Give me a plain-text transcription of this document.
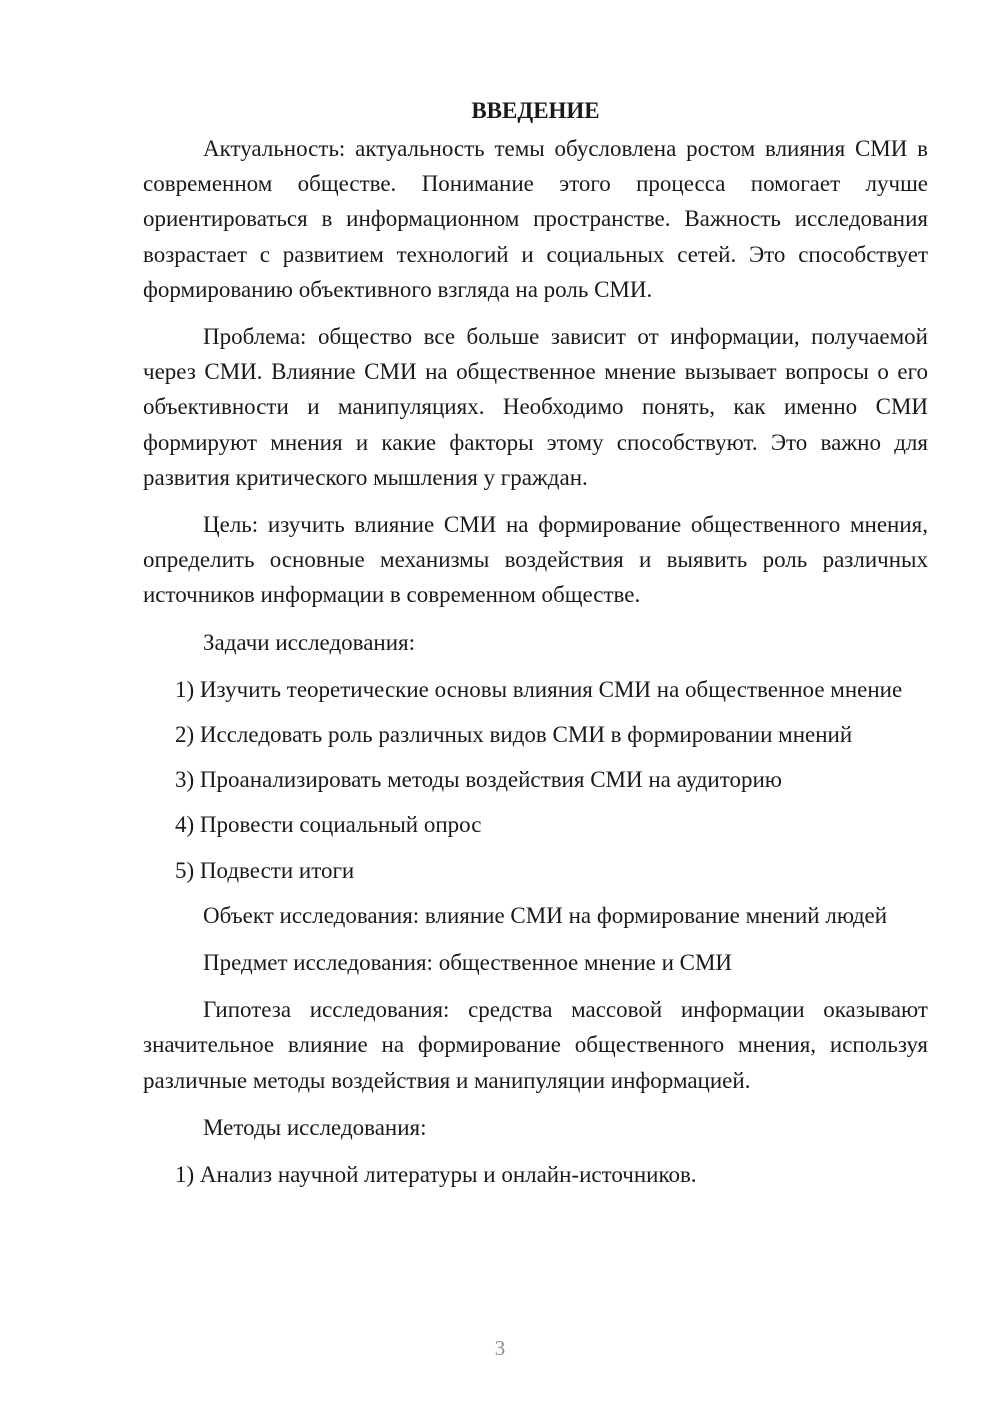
ВВЕДЕНИЕ

Актуальность: актуальность темы обусловлена ростом влияния СМИ в современном обществе. Понимание этого процесса помогает лучше ориентироваться в информационном пространстве. Важность исследования возрастает с развитием технологий и социальных сетей. Это способствует формированию объективного взгляда на роль СМИ.

Проблема: общество все больше зависит от информации, получаемой через СМИ. Влияние СМИ на общественное мнение вызывает вопросы о его объективности и манипуляциях. Необходимо понять, как именно СМИ формируют мнения и какие факторы этому способствуют. Это важно для развития критического мышления у граждан.

Цель: изучить влияние СМИ на формирование общественного мнения, определить основные механизмы воздействия и выявить роль различных источников информации в современном обществе.

Задачи исследования:

1) Изучить теоретические основы влияния СМИ на общественное мнение

2) Исследовать роль различных видов СМИ в формировании мнений

3) Проанализировать методы воздействия СМИ на аудиторию

4) Провести социальный опрос

5) Подвести итоги

Объект исследования: влияние СМИ на формирование мнений людей

Предмет исследования: общественное мнение и СМИ

Гипотеза исследования: средства массовой информации оказывают значительное влияние на формирование общественного мнения, используя различные методы воздействия и манипуляции информацией.

Методы исследования:

1) Анализ научной литературы и онлайн-источников.

3
